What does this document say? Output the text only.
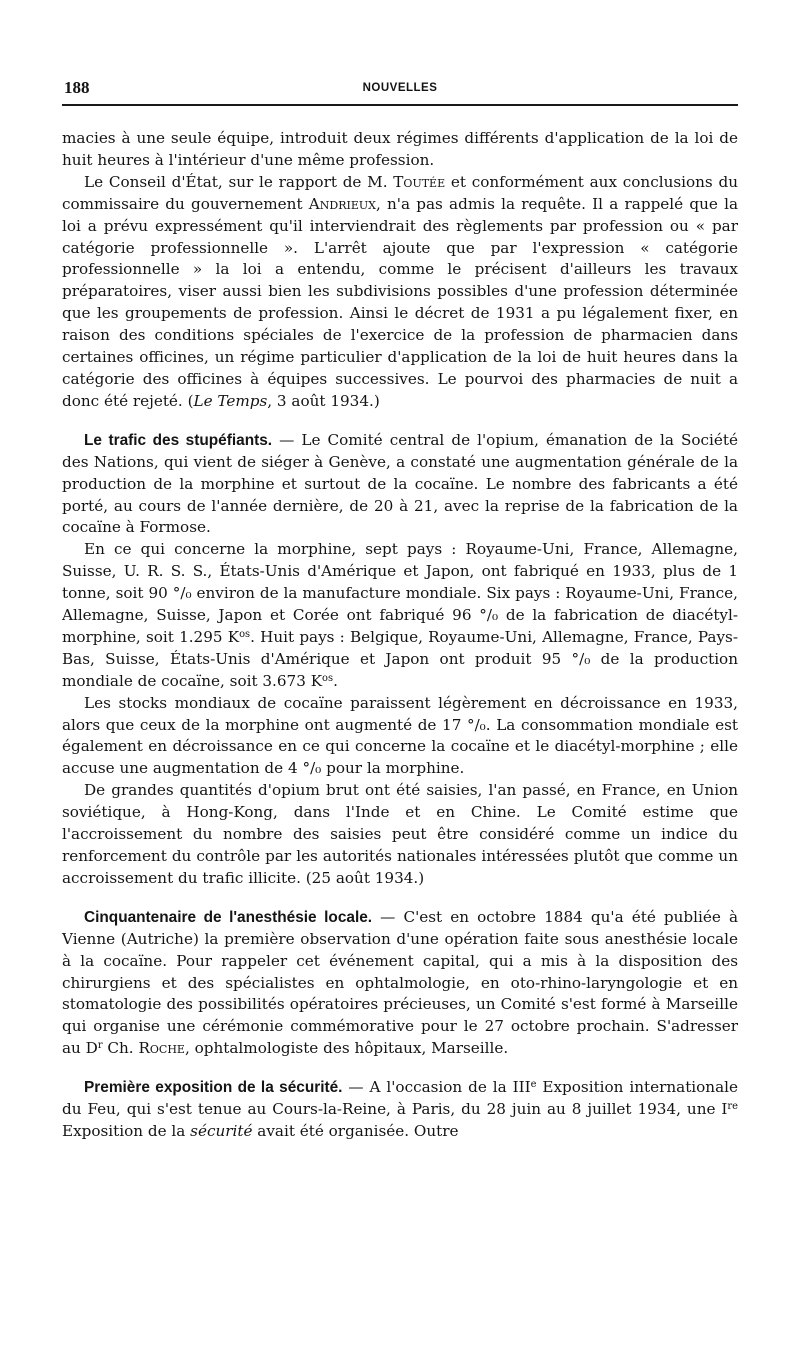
188	NOUVELLES

macies à une seule équipe, introduit deux régimes différents d'application de la loi de huit heures à l'intérieur d'une même profession.

Le Conseil d'État, sur le rapport de M. Toutée et conformément aux conclusions du commissaire du gouvernement Andrieux, n'a pas admis la requête. Il a rappelé que la loi a prévu expressément qu'il interviendrait des règlements par profession ou « par catégorie professionnelle ». L'arrêt ajoute que par l'expression « catégorie professionnelle » la loi a entendu, comme le précisent d'ailleurs les travaux préparatoires, viser aussi bien les subdivisions possibles d'une profession déterminée que les groupements de profession. Ainsi le décret de 1931 a pu légalement fixer, en raison des conditions spéciales de l'exercice de la profession de pharmacien dans certaines officines, un régime particulier d'application de la loi de huit heures dans la catégorie des officines à équipes successives. Le pourvoi des pharmacies de nuit a donc été rejeté. (Le Temps, 3 août 1934.)

Le trafic des stupéfiants. — Le Comité central de l'opium, émanation de la Société des Nations, qui vient de siéger à Genève, a constaté une augmentation générale de la production de la morphine et surtout de la cocaïne. Le nombre des fabricants a été porté, au cours de l'année dernière, de 20 à 21, avec la reprise de la fabrication de la cocaïne à Formose.

En ce qui concerne la morphine, sept pays : Royaume-Uni, France, Allemagne, Suisse, U. R. S. S., États-Unis d'Amérique et Japon, ont fabriqué en 1933, plus de 1 tonne, soit 90 °/₀ environ de la manufacture mondiale. Six pays : Royaume-Uni, France, Allemagne, Suisse, Japon et Corée ont fabriqué 96 °/₀ de la fabrication de diacétyl-morphine, soit 1.295 $K^{os}$. Huit pays : Belgique, Royaume-Uni, Allemagne, France, Pays-Bas, Suisse, États-Unis d'Amérique et Japon ont produit 95 °/₀ de la production mondiale de cocaïne, soit 3.673 $K^{os}$.

Les stocks mondiaux de cocaïne paraissent légèrement en décroissance en 1933, alors que ceux de la morphine ont augmenté de 17 °/₀. La consommation mondiale est également en décroissance en ce qui concerne la cocaïne et le diacétyl-morphine ; elle accuse une augmentation de 4 °/₀ pour la morphine.

De grandes quantités d'opium brut ont été saisies, l'an passé, en France, en Union soviétique, à Hong-Kong, dans l'Inde et en Chine. Le Comité estime que l'accroissement du nombre des saisies peut être considéré comme un indice du renforcement du contrôle par les autorités nationales intéressées plutôt que comme un accroissement du trafic illicite. (25 août 1934.)

Cinquantenaire de l'anesthésie locale. — C'est en octobre 1884 qu'a été publiée à Vienne (Autriche) la première observation d'une opération faite sous anesthésie locale à la cocaïne. Pour rappeler cet événement capital, qui a mis à la disposition des chirurgiens et des spécialistes en ophtalmologie, en oto-rhino-laryngologie et en stomatologie des possibilités opératoires précieuses, un Comité s'est formé à Marseille qui organise une cérémonie commémorative pour le 27 octobre prochain. S'adresser au $D^r$ Ch. Roche, ophtalmologiste des hôpitaux, Marseille.

Première exposition de la sécurité. — A l'occasion de la IIIe Exposition internationale du Feu, qui s'est tenue au Cours-la-Reine, à Paris, du 28 juin au 8 juillet 1934, une Ire Exposition de la sécurité avait été organisée. Outre
